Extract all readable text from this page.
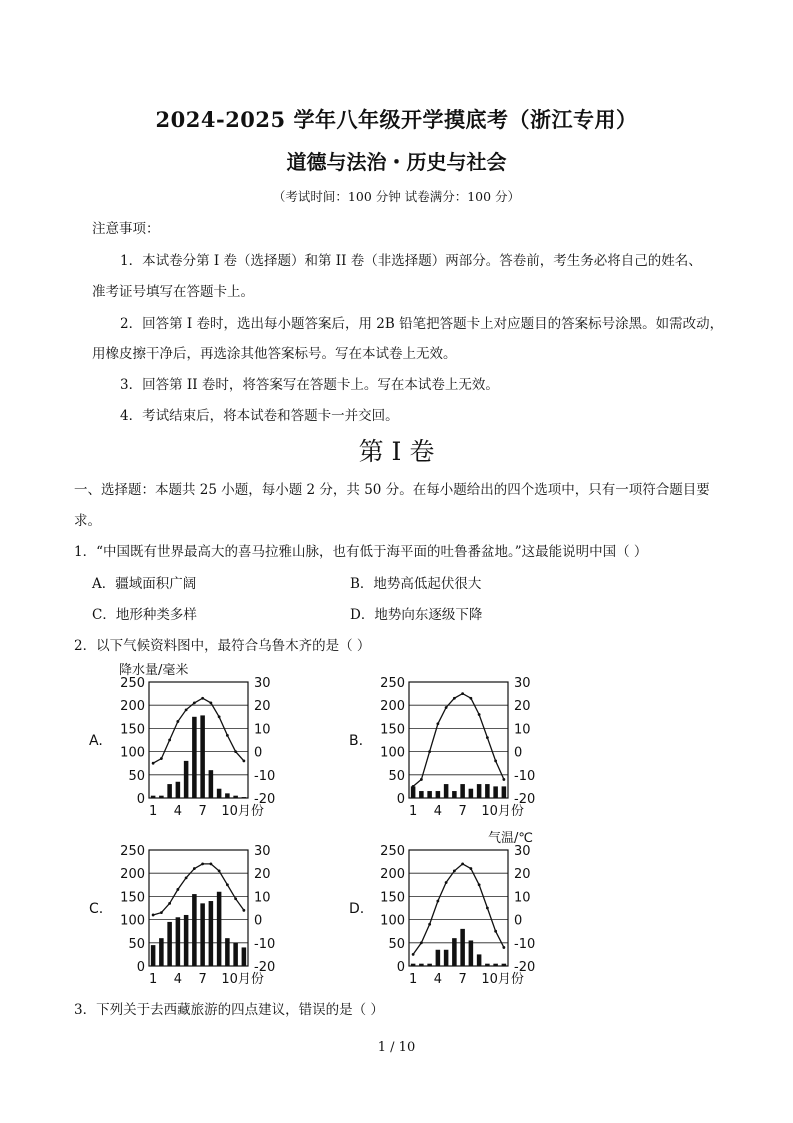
2024-2025 学年八年级开学摸底考（浙江专用）
道德与法治・历史与社会
（考试时间：100 分钟 试卷满分：100 分）
注意事项：
1．本试卷分第 I 卷（选择题）和第 II 卷（非选择题）两部分。答卷前，考生务必将自己的姓名、
准考证号填写在答题卡上。
2．回答第 I 卷时，选出每小题答案后，用 2B 铅笔把答题卡上对应题目的答案标号涂黑。如需改动，
用橡皮擦干净后，再选涂其他答案标号。写在本试卷上无效。
3．回答第 II 卷时，将答案写在答题卡上。写在本试卷上无效。
4．考试结束后，将本试卷和答题卡一并交回。
第 I 卷
一、选择题：本题共 25 小题，每小题 2 分，共 50 分。在每小题给出的四个选项中，只有一项符合题目要
求。
1．“中国既有世界最高大的喜马拉雅山脉，也有低于海平面的吐鲁番盆地。”这最能说明中国（ ）
A．疆域面积广阔	B．地势高低起伏很大
C．地形种类多样	D．地势向东逐级下降
2．以下气候资料图中，最符合乌鲁木齐的是（ ）
A.
250
200
150
100
50
0
30
20
10
0
-10
-20
1 4 7 10月份
降水量/毫米
B.
250
200
150
100
50
0
30
20
10
0
-10
-20
1 4 7 10月份
C.
250
200
150
100
50
0
30
20
10
0
-10
-20
1 4 7 10月份
D.
250
200
150
100
50
0
30
20
10
0
-10
-20
1 4 7 10月份
气温/℃
3．下列关于去西藏旅游的四点建议，错误的是（ ）
1 / 10
